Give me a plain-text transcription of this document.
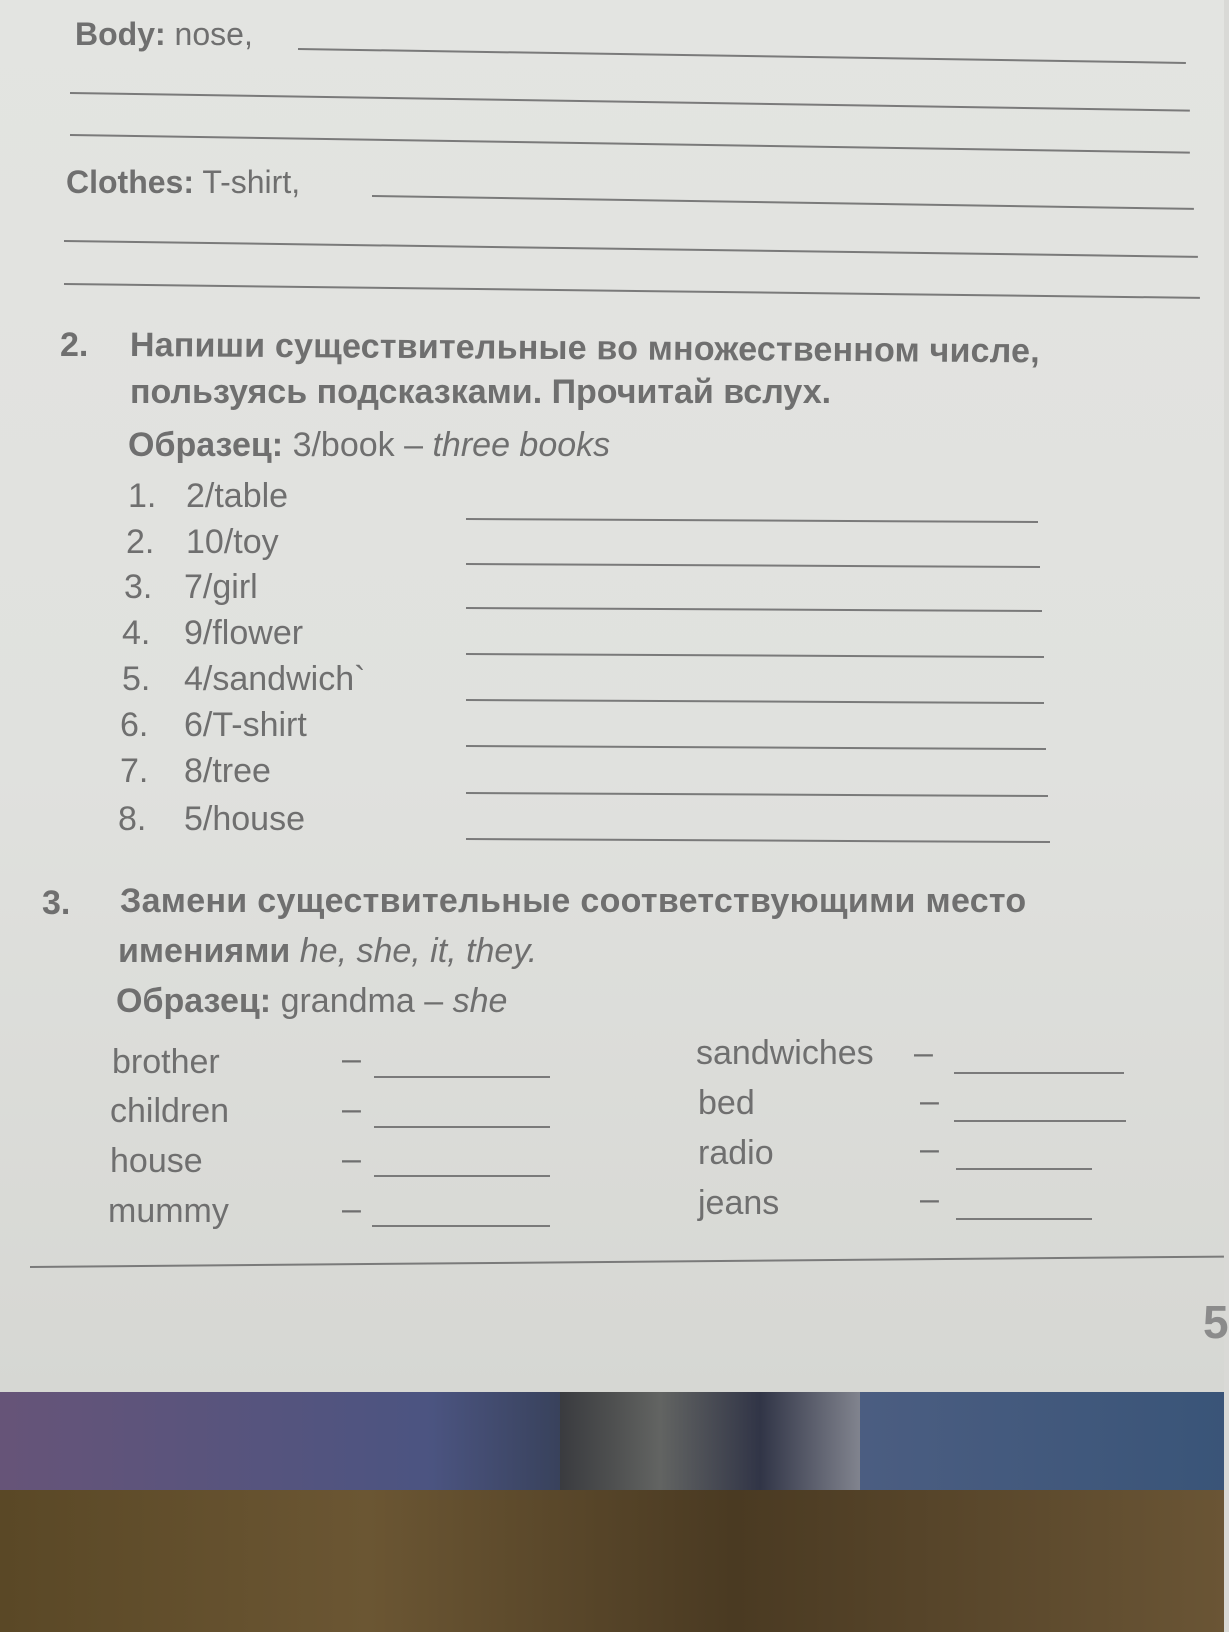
Body: nose,
Clothes: T-shirt,
2. Напиши существительные во множественном числе,
пользуясь подсказками. Прочитай вслух.
Образец: 3/book – three books
1. 2/table
2. 10/toy
3. 7/girl
4. 9/flower
5. 4/sandwich`
6. 6/T-shirt
7. 8/tree
8. 5/house
3. Замени существительные соответствующими место
имениями he, she, it, they.
Образец: grandma – she
brother	–
children	–
house	–
mummy	–
sandwiches –
bed	–
radio	–
jeans	–
5
